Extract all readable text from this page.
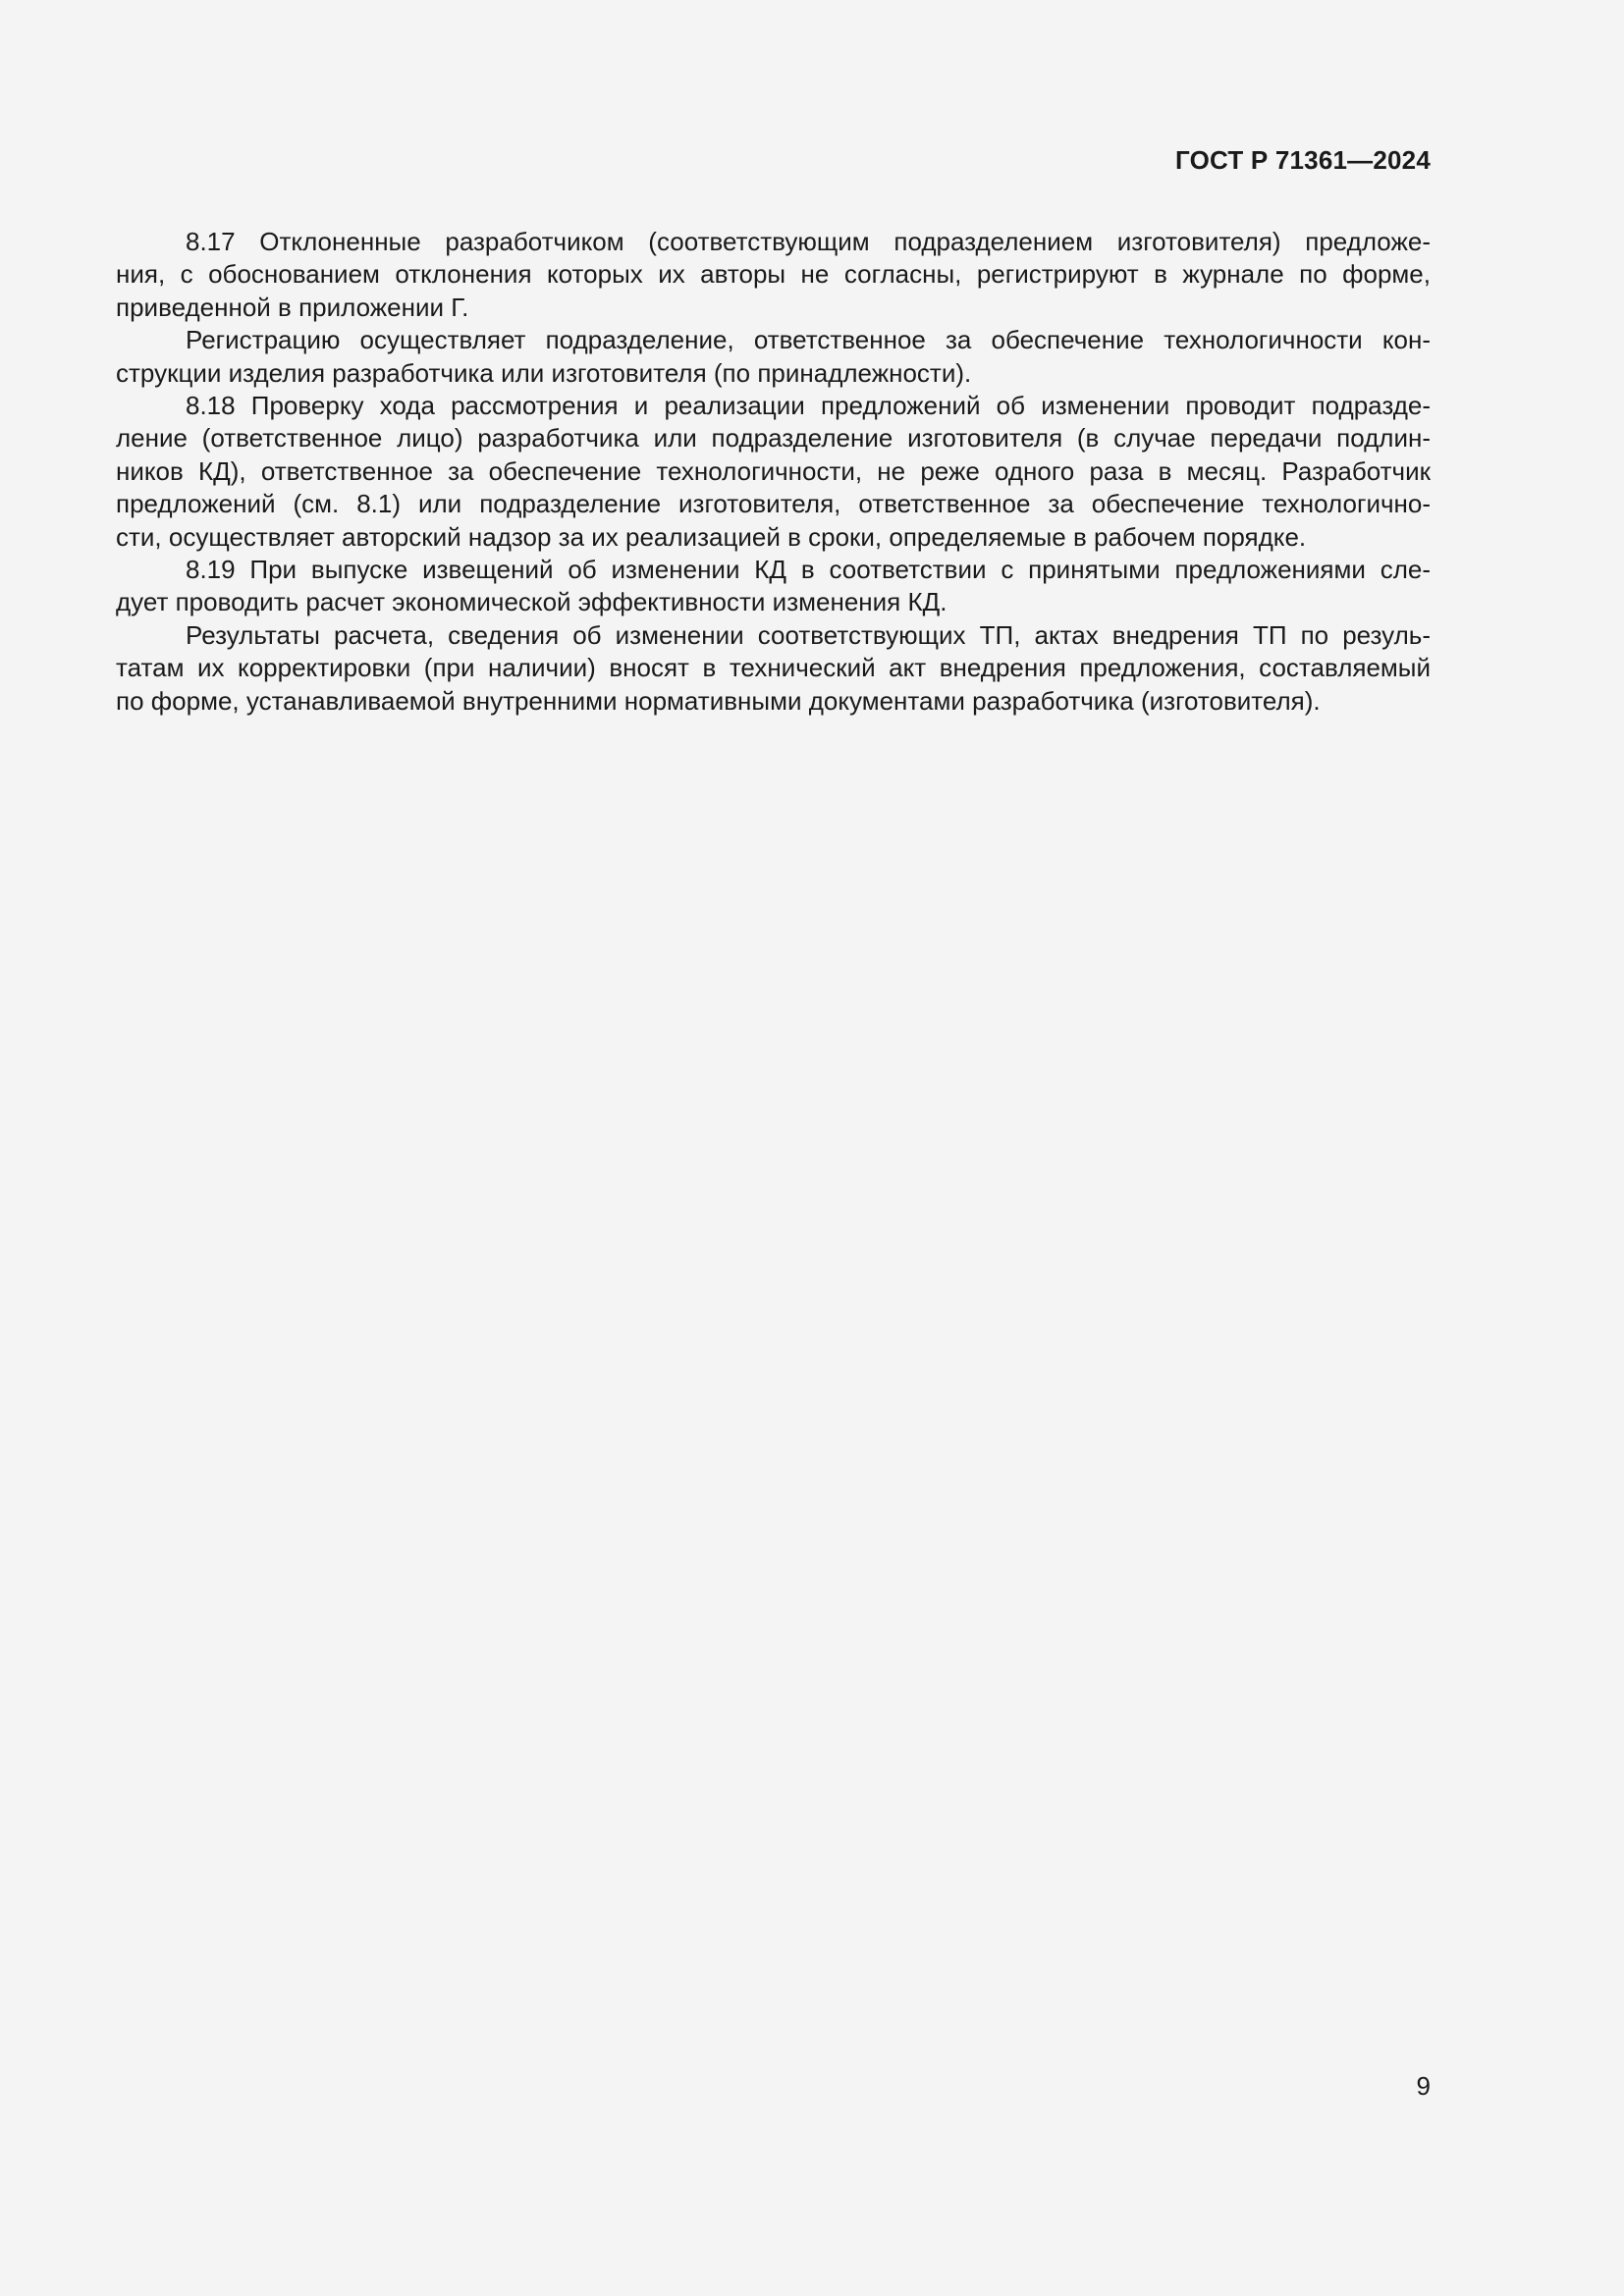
ГОСТ Р 71361—2024
8.17 Отклоненные разработчиком (соответствующим подразделением изготовителя) предложе-
ния, с обоснованием отклонения которых их авторы не согласны, регистрируют в журнале по форме,
приведенной в приложении Г.
Регистрацию осуществляет подразделение, ответственное за обеспечение технологичности кон-
струкции изделия разработчика или изготовителя (по принадлежности).
8.18 Проверку хода рассмотрения и реализации предложений об изменении проводит подразде-
ление (ответственное лицо) разработчика или подразделение изготовителя (в случае передачи подлин-
ников КД), ответственное за обеспечение технологичности, не реже одного раза в месяц. Разработчик
предложений (см. 8.1) или подразделение изготовителя, ответственное за обеспечение технологично-
сти, осуществляет авторский надзор за их реализацией в сроки, определяемые в рабочем порядке.
8.19 При выпуске извещений об изменении КД в соответствии с принятыми предложениями сле-
дует проводить расчет экономической эффективности изменения КД.
Результаты расчета, сведения об изменении соответствующих ТП, актах внедрения ТП по резуль-
татам их корректировки (при наличии) вносят в технический акт внедрения предложения, составляемый
по форме, устанавливаемой внутренними нормативными документами разработчика (изготовителя).
9
